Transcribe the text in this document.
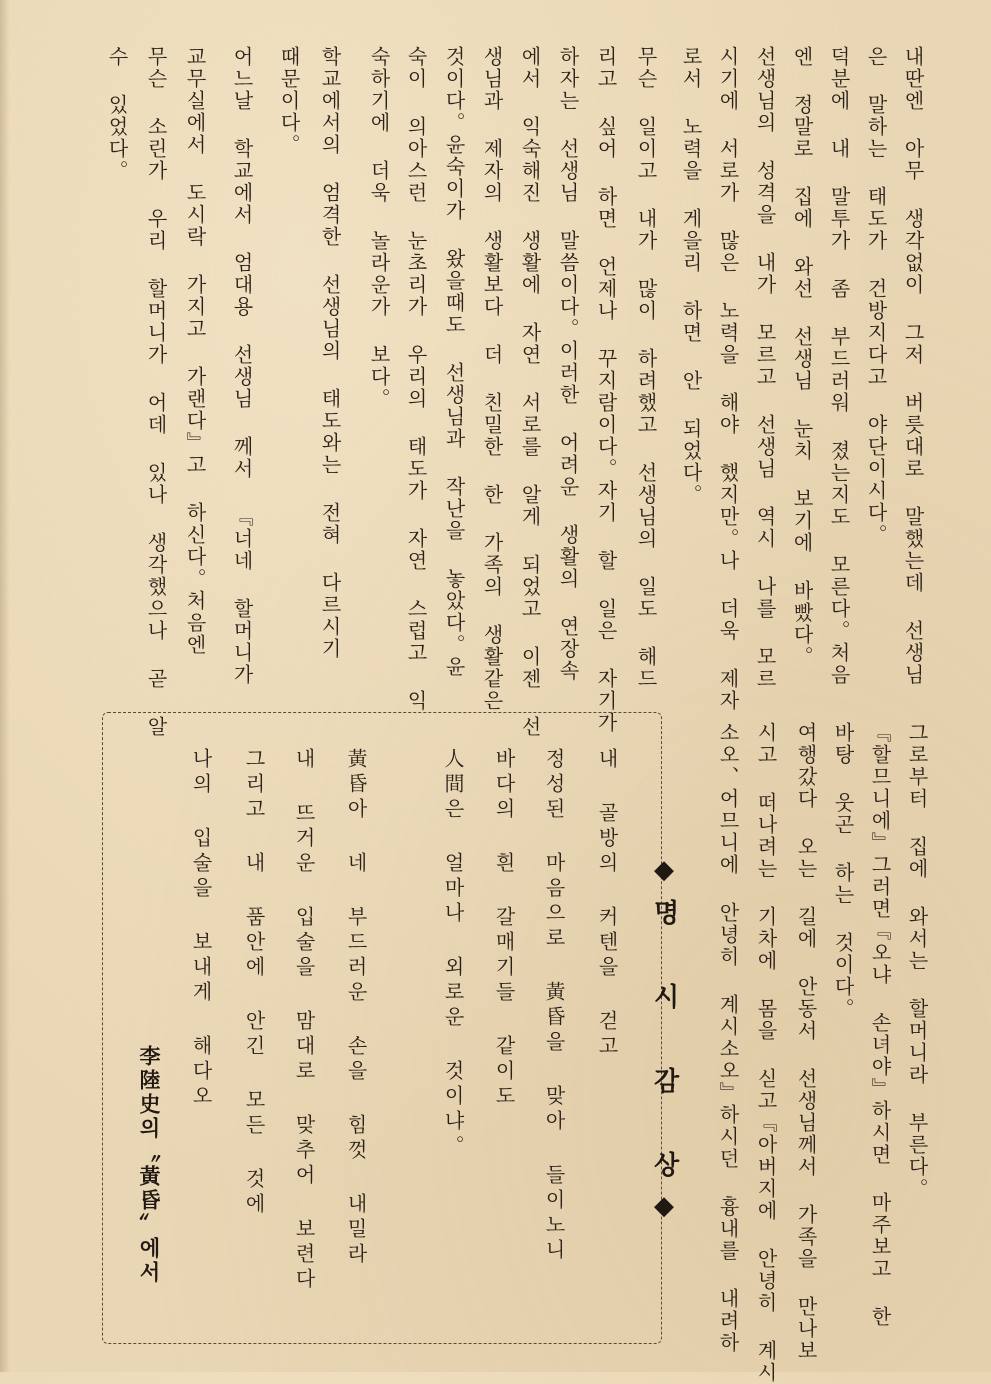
내딴엔 아무 생각없이 그저 버릇대로 말했는데 선생님
은 말하는 태도가 건방지다고 야단이시다。
덕분에 내 말투가 좀 부드러워 졌는지도 모른다。처음
엔 정말로 집에 와선 선생님 눈치 보기에 바빴다。
선생님의 성격을 내가 모르고 선생님 역시 나를 모르
시기에 서로가 많은 노력을 해야 했지만。나 더욱 제자
로서 노력을 게을리 하면 안 되었다。
무슨 일이고 내가 많이 하려했고 선생님의 일도 해드
리고 싶어 하면 언제나 꾸지람이다。자기 할 일은 자기가
하자는 선생님 말씀이다。이러한 어려운 생활의 연장속
에서 익숙해진 생활에 자연 서로를 알게 되었고 이젠 선
생님과 제자의 생활보다 더 친밀한 한 가족의 생활같은
것이다。윤숙이가 왔을때도 선생님과 작난을 놓았다。윤
숙이 의아스런 눈초리가 우리의 태도가 자연 스럽고 익
숙하기에 더욱 놀라운가 보다。
학교에서의 엄격한 선생님의 태도와는 전혀 다르시기
때문이다。
어느날 학교에서 엄대용 선생님 께서 『너네 할머니가
교무실에서 도시락 가지고 가랜다』고 하신다。처음엔
무슨 소린가 우리 할머니가 어데 있나 생각했으나 곧 알
수 있었다。
그로부터 집에 와서는 할머니라 부른다。
『할므니에』그러면『오냐 손녀야』하시면 마주보고 한
바탕 웃곤 하는 것이다。
여행갔다 오는 길에 안동서 선생님께서 가족을 만나보
시고 떠나려는 기차에 몸을 싣고『아버지에 안녕히 계시
소오、어므니에 안녕히 계시소오』하시던 흉내를 내려하
◆명 시 감 상◆
내 골방의 커텐을 걷고
정성된 마음으로 黃昏을 맞아 들이노니
바다의 흰 갈매기들 같이도
人間은 얼마나 외로운 것이냐。
黃昏아 네 부드러운 손을 힘껏 내밀라
내 뜨거운 입술을 맘대로 맞추어 보련다
그리고 내 품안에 안긴 모든 것에
나의 입술을 보내게 해다오
李陸史의〝黃昏〟에서
